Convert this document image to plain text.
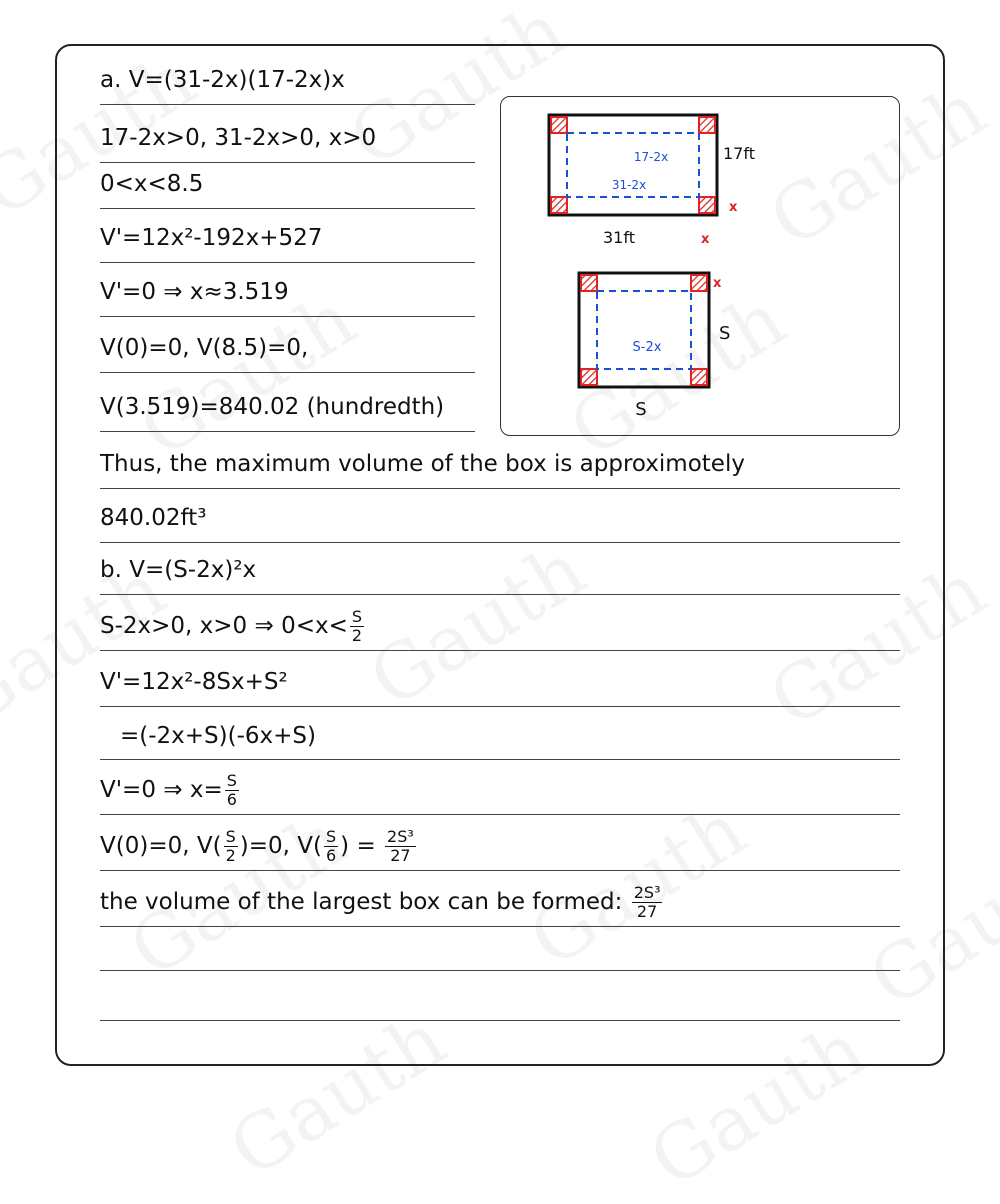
a. V=(31-2x)(17-2x)x
17-2x>0, 31-2x>0, x>0
0<x<8.5
V'=12x²-192x+527
V'=0 ⇒ x≈3.519
V(0)=0, V(8.5)=0,
V(3.519)=840.02 (hundredth)
17-2x
31-2x
17ft
x
31ft	x
S-2x
x
S
S
Thus, the maximum volume of the box is approximotely
840.02ft³
b. V=(S-2x)²x
S-2x>0, x>0 ⇒ $0<x< \frac{S}{2}$
V'=12x²-8Sx+S²
=(-2x+S)(-6x+S)
V'=0 ⇒ $x= \frac{S}{6}$
V(0)=0, $V( \frac{S}{2} )=0$, $V( \frac{S}{6}$ ) = $\frac{\text{2S³}}{27}$
the volume of the largest box can be formed: $\frac{\text{2S³}}{27}$
